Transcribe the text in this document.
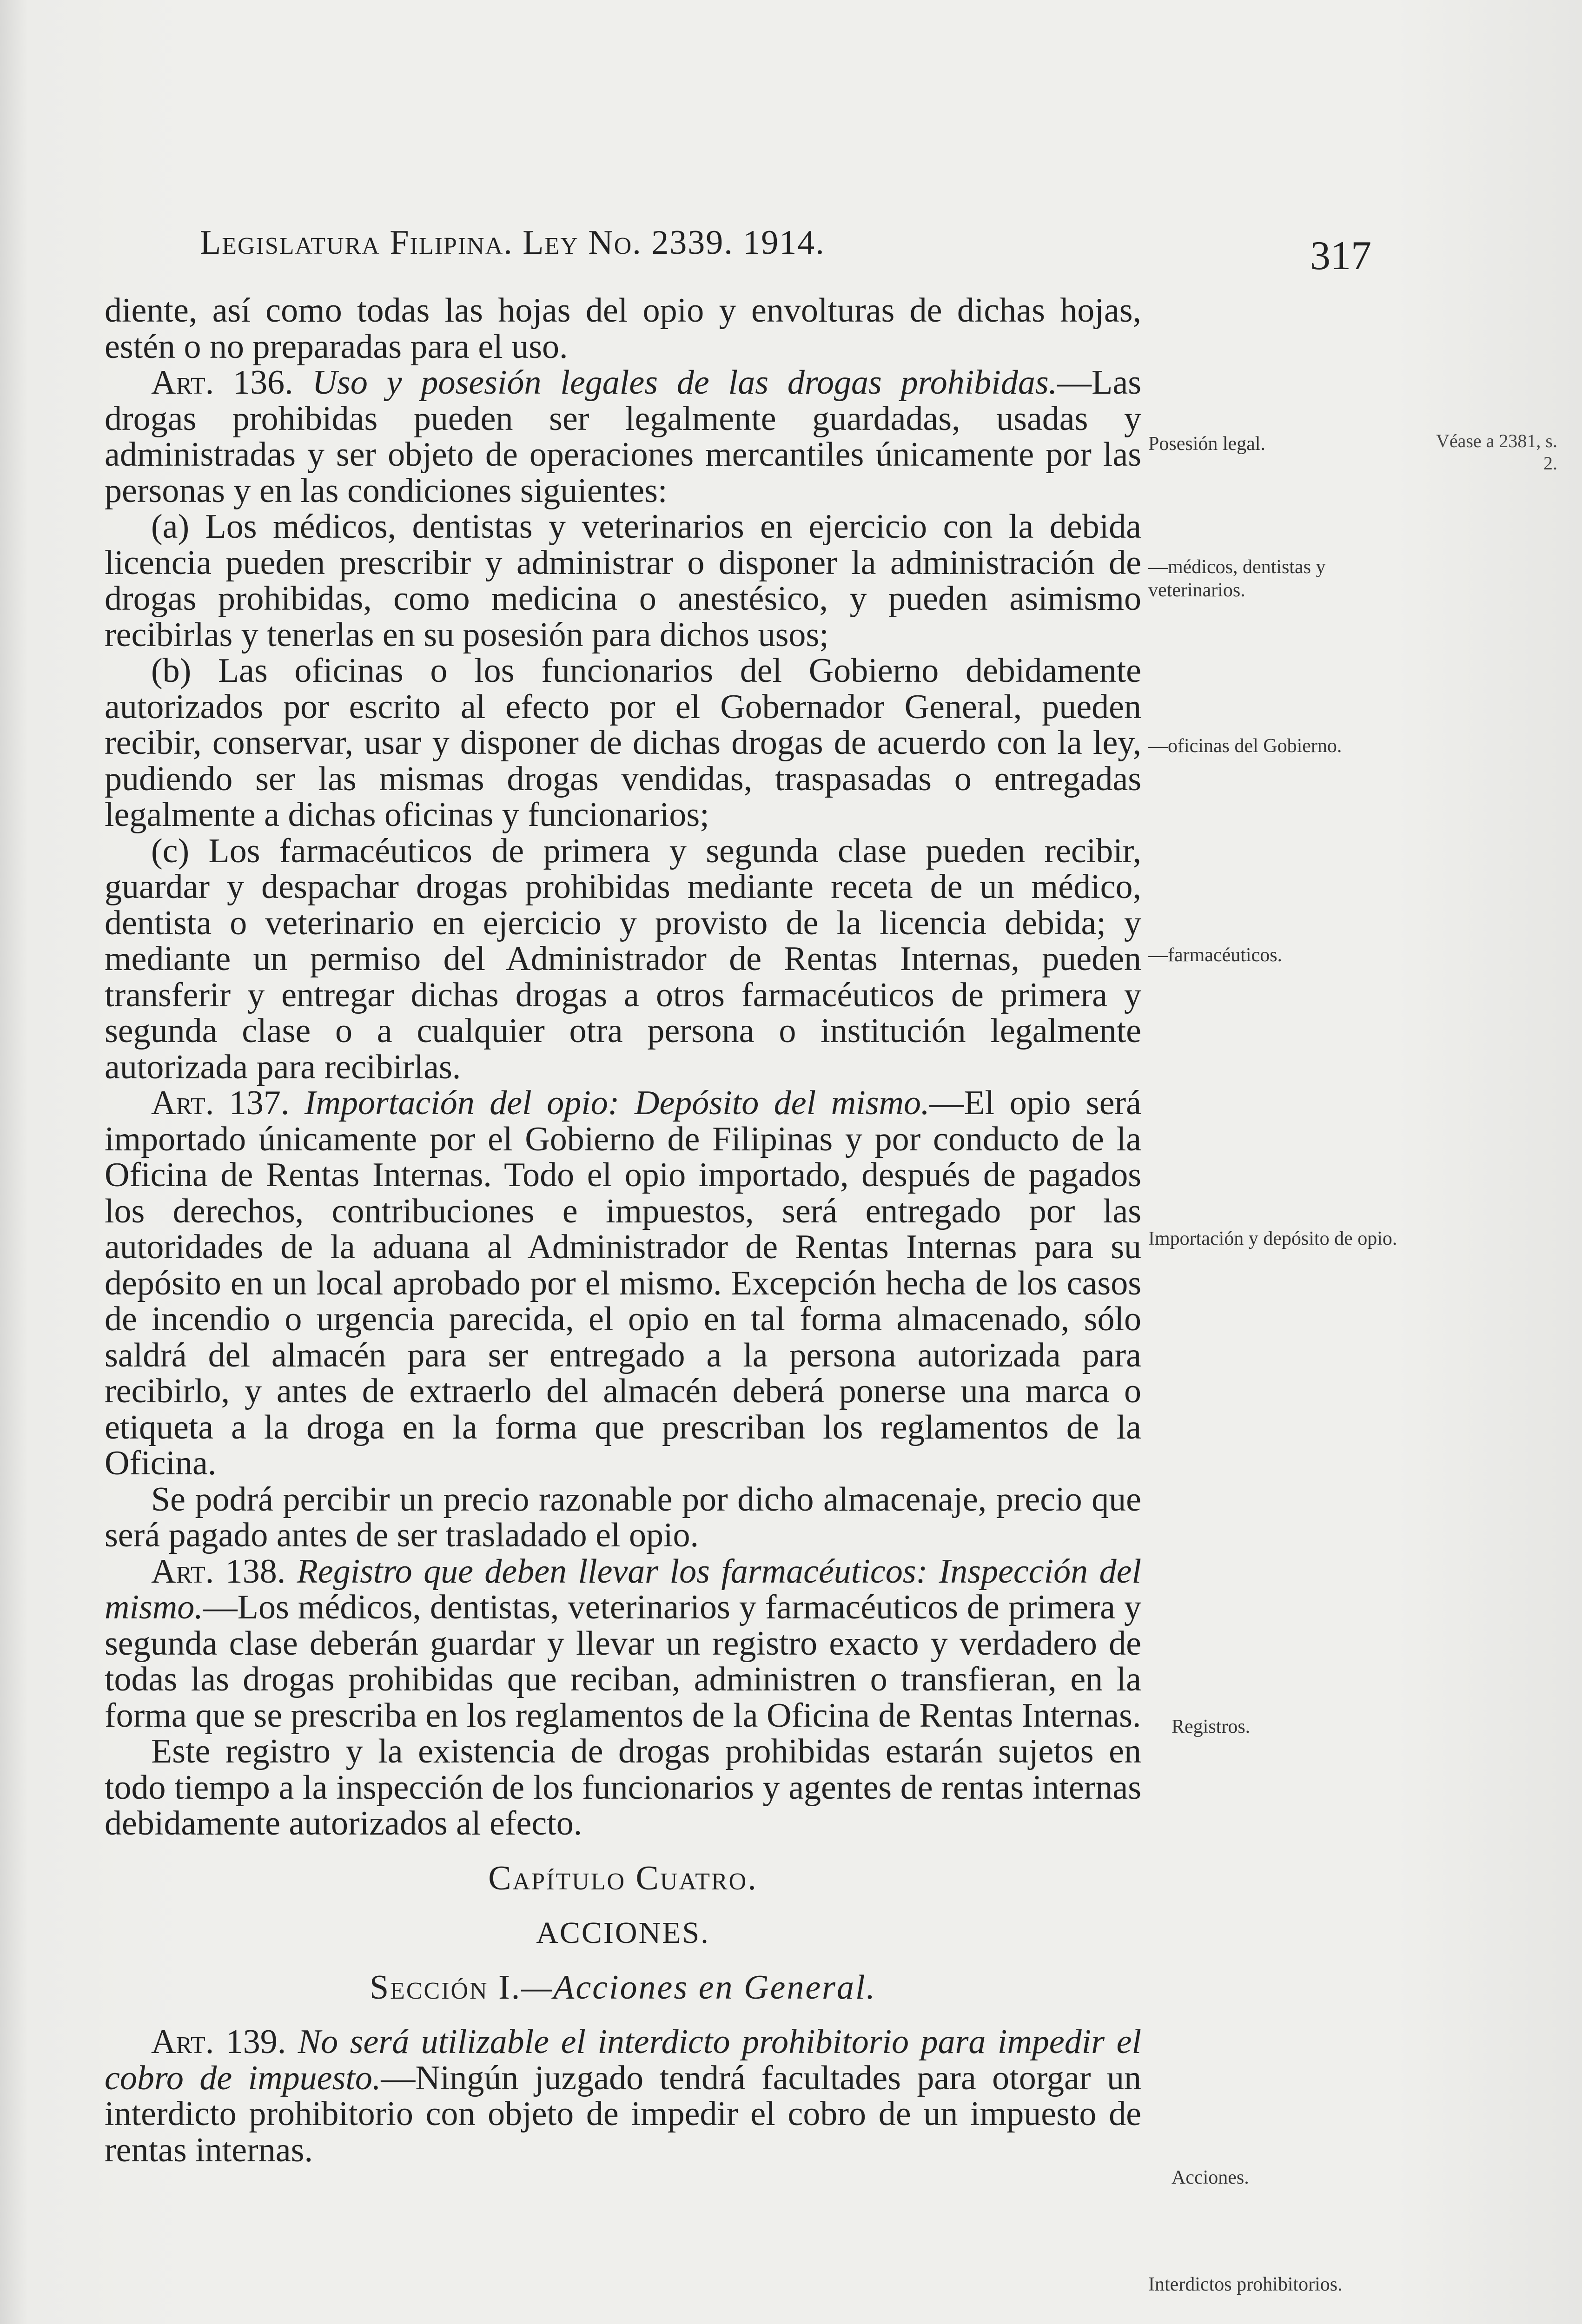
Legislatura Filipina. Ley No. 2339. 1914.	317

diente, así como todas las hojas del opio y envolturas de dichas hojas, estén o no preparadas para el uso.

Art. 136. Uso y posesión legales de las drogas prohibidas.—Las drogas prohibidas pueden ser legalmente guardadas, usadas y administradas y ser objeto de operaciones mercantiles únicamente por las personas y en las condiciones siguientes:

(a) Los médicos, dentistas y veterinarios en ejercicio con la debida licencia pueden prescribir y administrar o disponer la administración de drogas prohibidas, como medicina o anestésico, y pueden asimismo recibirlas y tenerlas en su posesión para dichos usos;

(b) Las oficinas o los funcionarios del Gobierno debidamente autorizados por escrito al efecto por el Gobernador General, pueden recibir, conservar, usar y disponer de dichas drogas de acuerdo con la ley, pudiendo ser las mismas drogas vendidas, traspasadas o entregadas legalmente a dichas oficinas y funcionarios;

(c) Los farmacéuticos de primera y segunda clase pueden recibir, guardar y despachar drogas prohibidas mediante receta de un médico, dentista o veterinario en ejercicio y provisto de la licencia debida; y mediante un permiso del Administrador de Rentas Internas, pueden transferir y entregar dichas drogas a otros farmacéuticos de primera y segunda clase o a cualquier otra persona o institución legalmente autorizada para recibirlas.

Art. 137. Importación del opio: Depósito del mismo.—El opio será importado únicamente por el Gobierno de Filipinas y por conducto de la Oficina de Rentas Internas. Todo el opio importado, después de pagados los derechos, contribuciones e impuestos, será entregado por las autoridades de la aduana al Administrador de Rentas Internas para su depósito en un local aprobado por el mismo. Excepción hecha de los casos de incendio o urgencia parecida, el opio en tal forma almacenado, sólo saldrá del almacén para ser entregado a la persona autorizada para recibirlo, y antes de extraerlo del almacén deberá ponerse una marca o etiqueta a la droga en la forma que prescriban los reglamentos de la Oficina.

Se podrá percibir un precio razonable por dicho almacenaje, precio que será pagado antes de ser trasladado el opio.

Art. 138. Registro que deben llevar los farmacéuticos: Inspección del mismo.—Los médicos, dentistas, veterinarios y farmacéuticos de primera y segunda clase deberán guardar y llevar un registro exacto y verdadero de todas las drogas prohibidas que reciban, administren o transfieran, en la forma que se prescriba en los reglamentos de la Oficina de Rentas Internas.

Este registro y la existencia de drogas prohibidas estarán sujetos en todo tiempo a la inspección de los funcionarios y agentes de rentas internas debidamente autorizados al efecto.

Capítulo Cuatro.
ACCIONES.
Sección I.—Acciones en General.

Art. 139. No será utilizable el interdicto prohibitorio para impedir el cobro de impuesto.—Ningún juzgado tendrá facultades para otorgar un interdicto prohibitorio con objeto de impedir el cobro de un impuesto de rentas internas.

Posesión legal.	Véase a 2381, s. 2.
—médicos, dentistas y veterinarios.
—oficinas del Gobierno.
—farmacéuticos.
Importación y depósito de opio.
Registros.
Acciones.
Interdictos prohibitorios.
